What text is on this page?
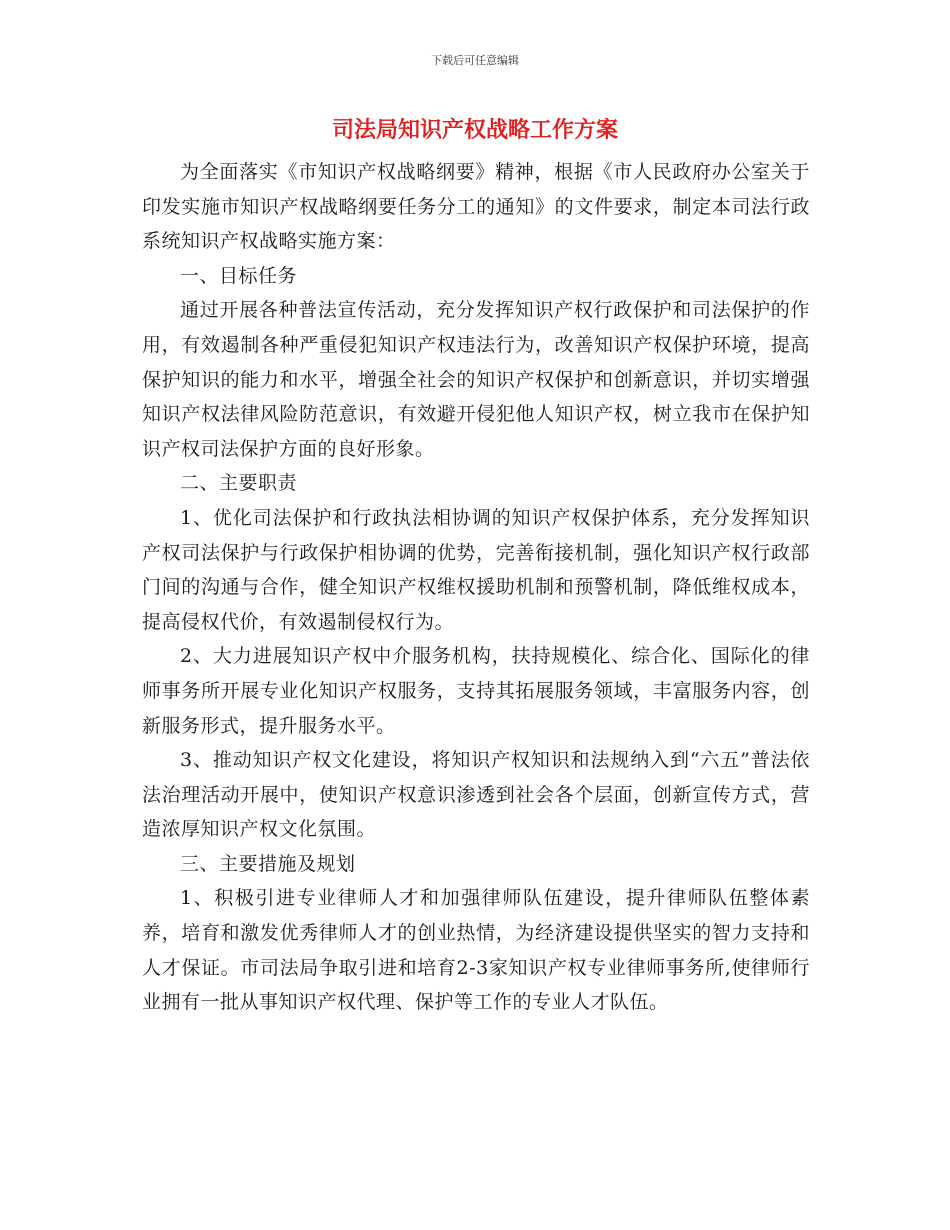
下载后可任意编辑
司法局知识产权战略工作方案

为全面落实《市知识产权战略纲要》精神，根据《市人民政府办公室关于印发实施市知识产权战略纲要任务分工的通知》的文件要求，制定本司法行政系统知识产权战略实施方案：

一、目标任务

通过开展各种普法宣传活动，充分发挥知识产权行政保护和司法保护的作用，有效遏制各种严重侵犯知识产权违法行为，改善知识产权保护环境，提高保护知识的能力和水平，增强全社会的知识产权保护和创新意识，并切实增强知识产权法律风险防范意识，有效避开侵犯他人知识产权，树立我市在保护知识产权司法保护方面的良好形象。

二、主要职责

1、优化司法保护和行政执法相协调的知识产权保护体系，充分发挥知识产权司法保护与行政保护相协调的优势，完善衔接机制，强化知识产权行政部门间的沟通与合作，健全知识产权维权援助机制和预警机制，降低维权成本，提高侵权代价，有效遏制侵权行为。

2、大力进展知识产权中介服务机构，扶持规模化、综合化、国际化的律师事务所开展专业化知识产权服务，支持其拓展服务领域，丰富服务内容，创新服务形式，提升服务水平。

3、推动知识产权文化建设，将知识产权知识和法规纳入到“六五”普法依法治理活动开展中，使知识产权意识渗透到社会各个层面，创新宣传方式，营造浓厚知识产权文化氛围。

三、主要措施及规划

1、积极引进专业律师人才和加强律师队伍建设，提升律师队伍整体素养，培育和激发优秀律师人才的创业热情，为经济建设提供坚实的智力支持和人才保证。市司法局争取引进和培育2-3家知识产权专业律师事务所,使律师行业拥有一批从事知识产权代理、保护等工作的专业人才队伍。
